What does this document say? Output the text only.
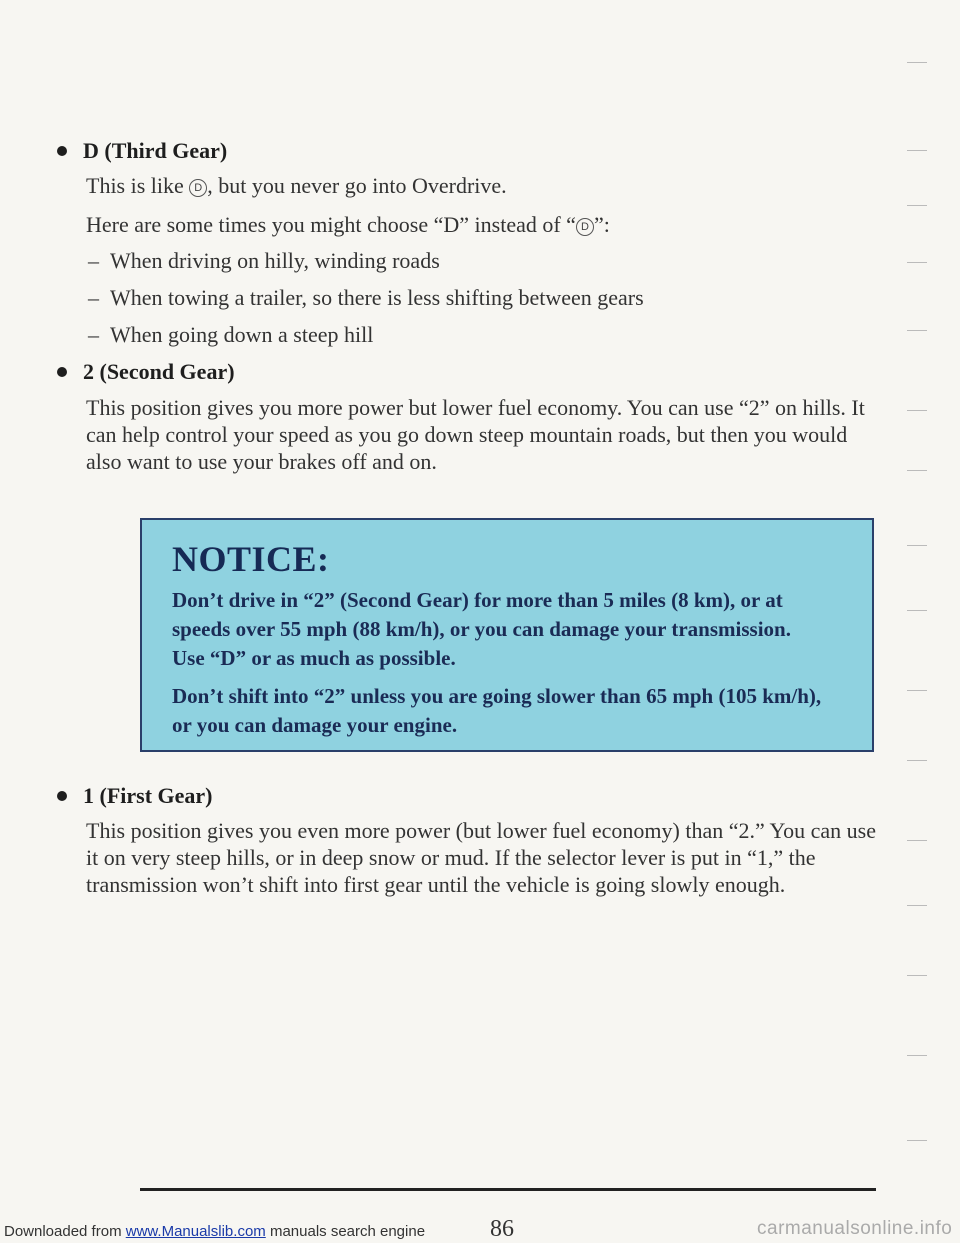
D (Third Gear)
This is like D , but you never go into Overdrive.
Here are some times you might choose “D” instead of “ D ”:
– When driving on hilly, winding roads
– When towing a trailer, so there is less shifting between gears
– When going down a steep hill
2 (Second Gear)
This position gives you more power but lower fuel economy. You can use “2” on hills. It can help control your speed as you go down steep mountain roads, but then you would also want to use your brakes off and on.
NOTICE:
Don’t drive in “2” (Second Gear) for more than 5 miles (8 km), or at speeds over 55 mph (88 km/h), or you can damage your transmission. Use “D” or as much as possible.
Don’t shift into “2” unless you are going slower than 65 mph (105 km/h), or you can damage your engine.
1 (First Gear)
This position gives you even more power (but lower fuel economy) than “2.” You can use it on very steep hills, or in deep snow or mud. If the selector lever is put in “1,” the transmission won’t shift into first gear until the vehicle is going slowly enough.
86
Downloaded from www.Manualslib.com manuals search engine	carmanualsonline.info
